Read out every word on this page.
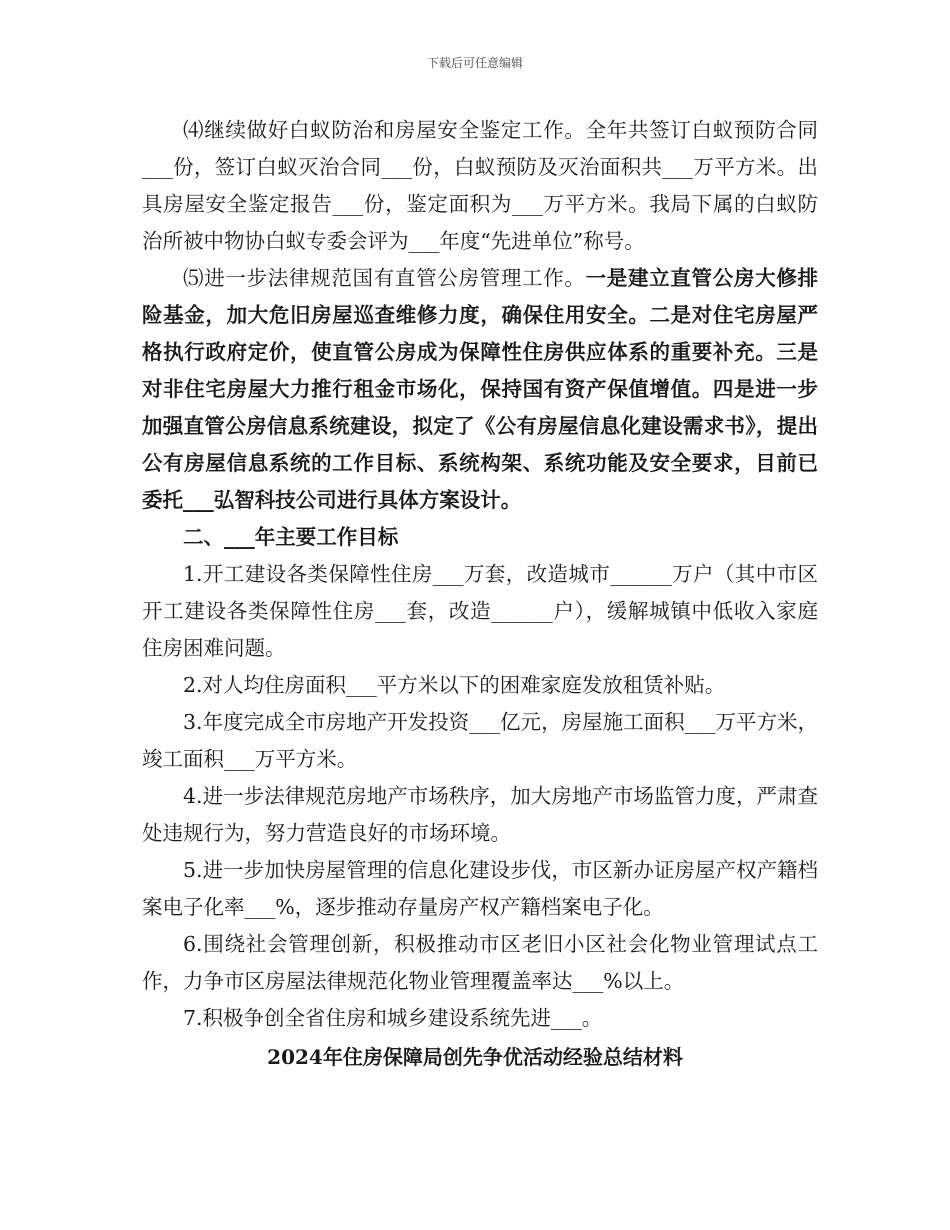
下载后可任意编辑

⑷继续做好白蚁防治和房屋安全鉴定工作。全年共签订白蚁预防合同___份，签订白蚁灭治合同___份，白蚁预防及灭治面积共___万平方米。出具房屋安全鉴定报告___份，鉴定面积为___万平方米。我局下属的白蚁防治所被中物协白蚁专委会评为___年度“先进单位”称号。

⑸进一步法律规范国有直管公房管理工作。一是建立直管公房大修排险基金，加大危旧房屋巡查维修力度，确保住用安全。二是对住宅房屋严格执行政府定价，使直管公房成为保障性住房供应体系的重要补充。三是对非住宅房屋大力推行租金市场化，保持国有资产保值增值。四是进一步加强直管公房信息系统建设，拟定了《公有房屋信息化建设需求书》，提出公有房屋信息系统的工作目标、系统构架、系统功能及安全要求，目前已委托___弘智科技公司进行具体方案设计。

二、___年主要工作目标

1.开工建设各类保障性住房___万套，改造城市______万户（其中市区开工建设各类保障性住房___套，改造______户），缓解城镇中低收入家庭住房困难问题。

2.对人均住房面积___平方米以下的困难家庭发放租赁补贴。

3.年度完成全市房地产开发投资___亿元，房屋施工面积___万平方米，竣工面积___万平方米。

4.进一步法律规范房地产市场秩序，加大房地产市场监管力度，严肃查处违规行为，努力营造良好的市场环境。

5.进一步加快房屋管理的信息化建设步伐，市区新办证房屋产权产籍档案电子化率___%，逐步推动存量房产权产籍档案电子化。

6.围绕社会管理创新，积极推动市区老旧小区社会化物业管理试点工作，力争市区房屋法律规范化物业管理覆盖率达___%以上。

7.积极争创全省住房和城乡建设系统先进___。

2024年住房保障局创先争优活动经验总结材料
